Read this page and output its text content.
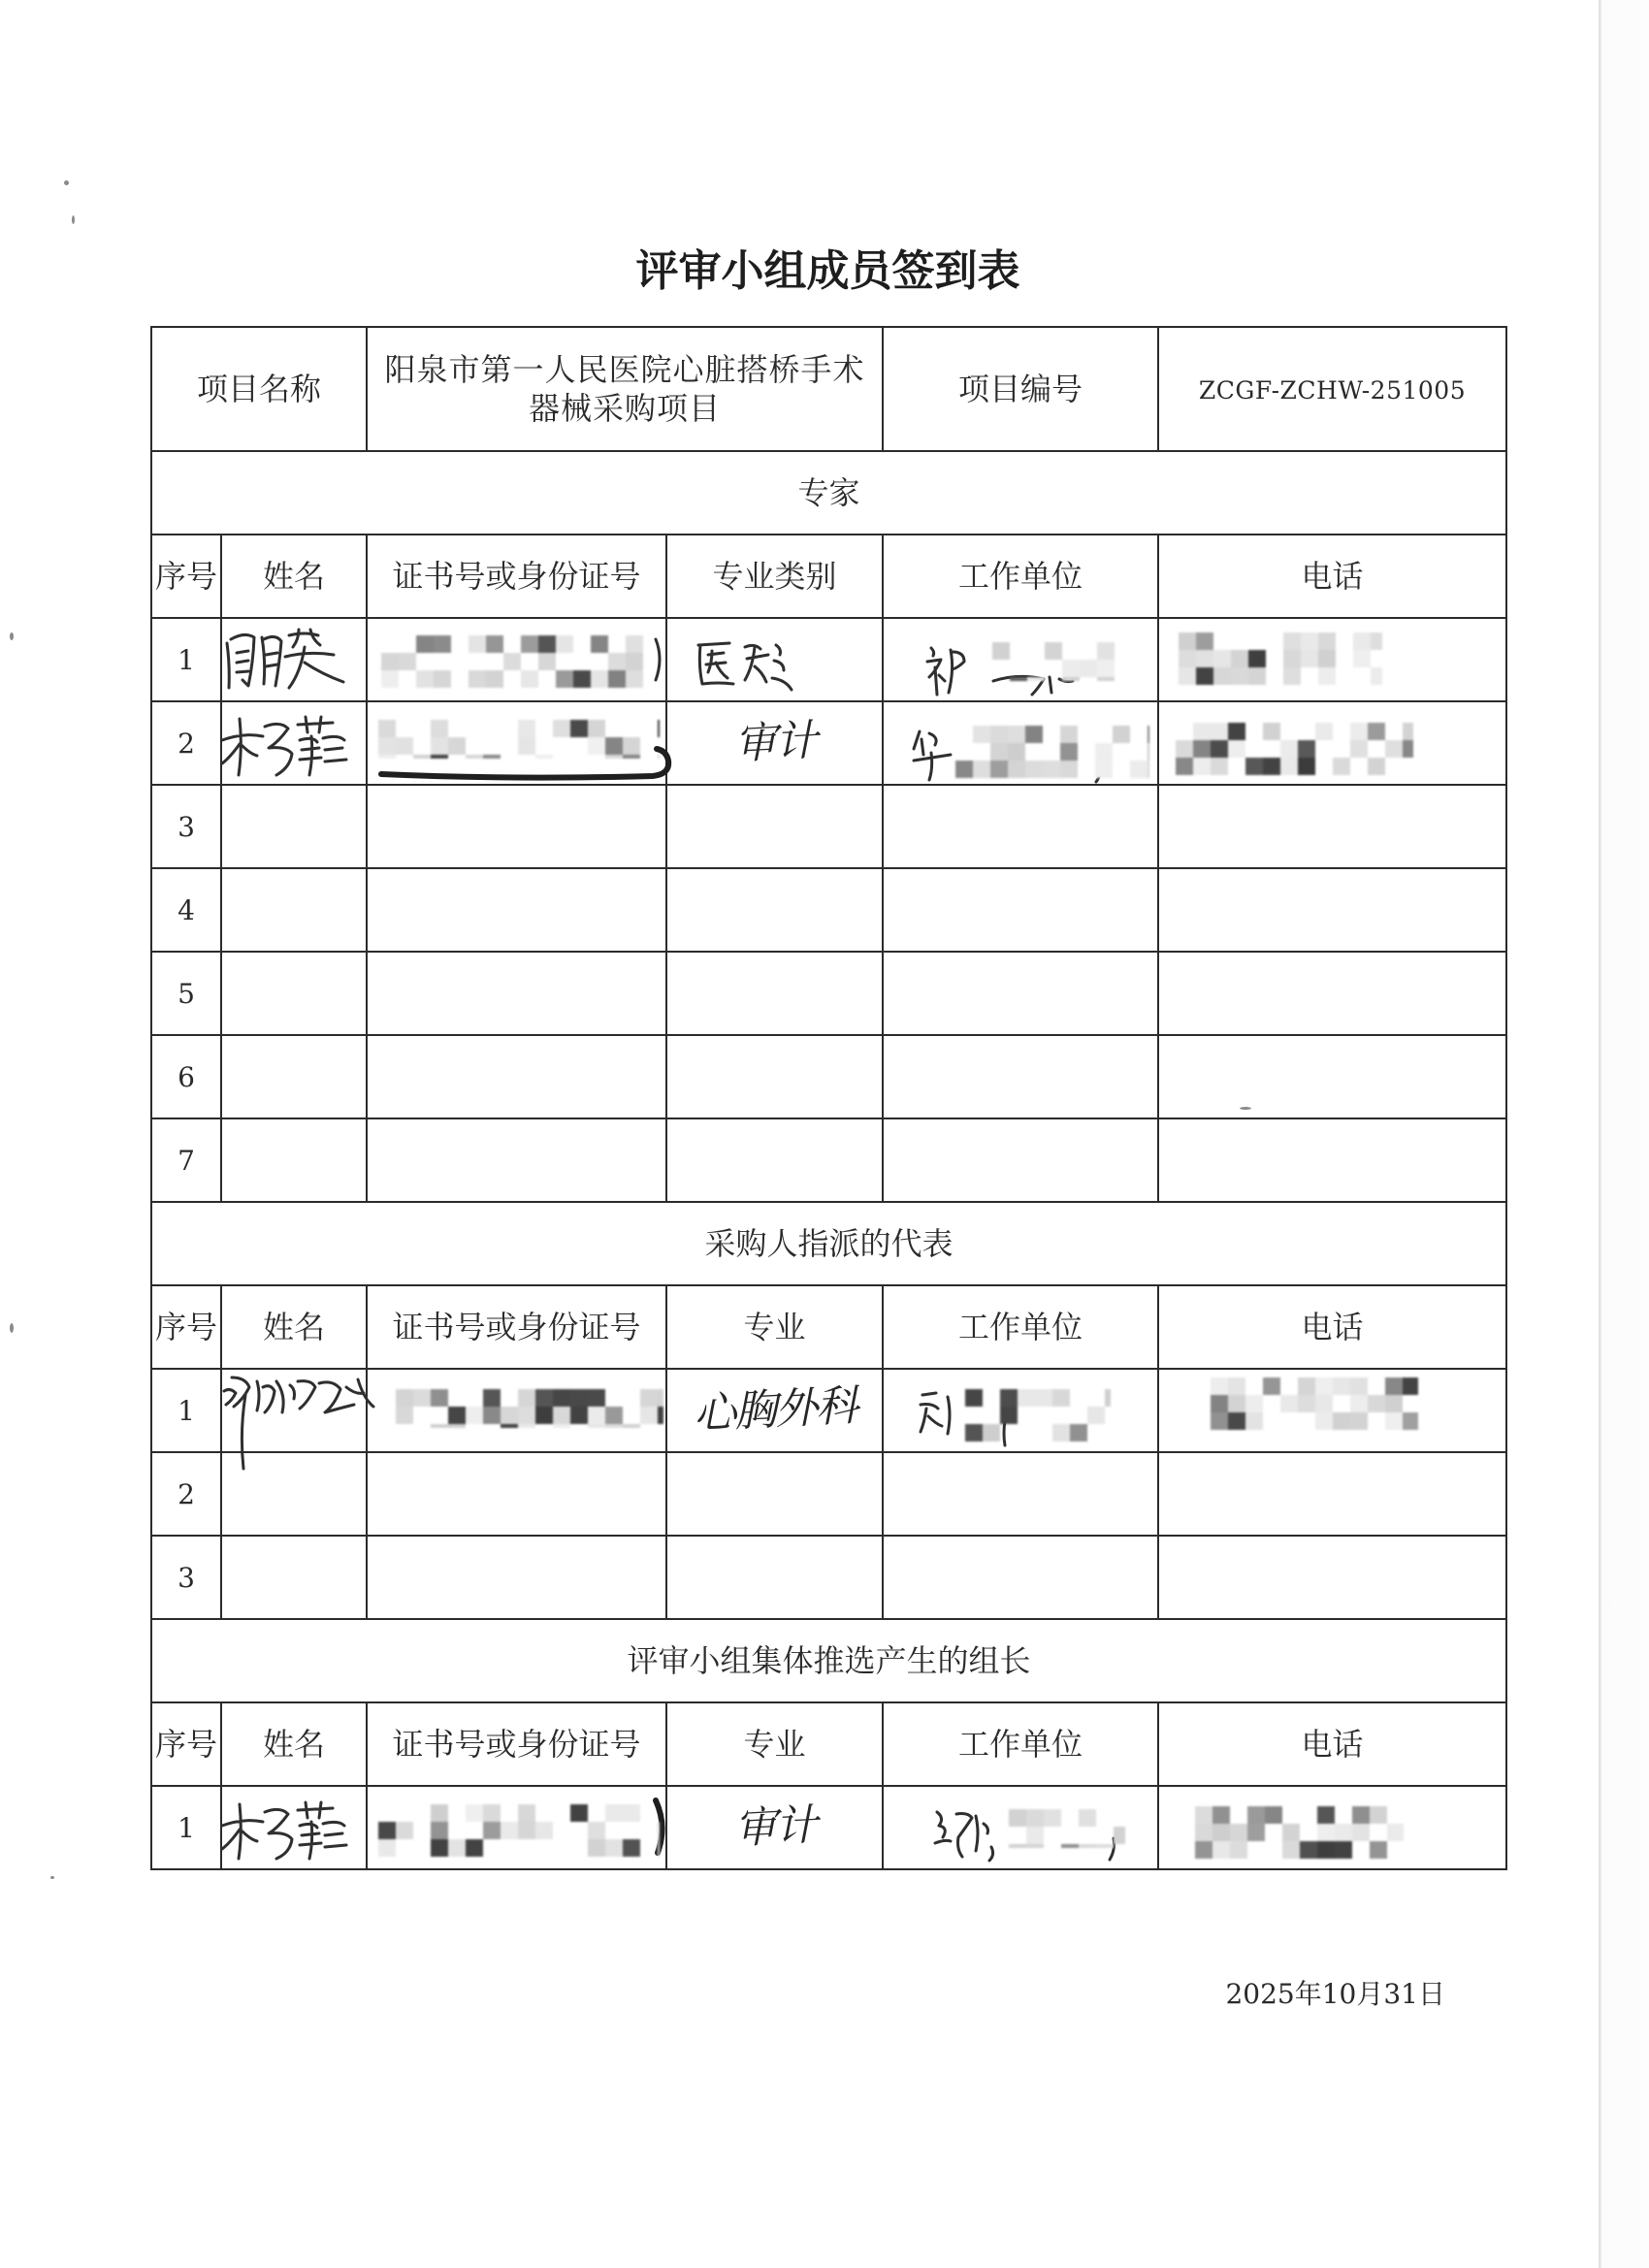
评审小组成员签到表
项目名称		阳泉市第一人民医院心脏搭桥手术器械采购项目		项目编号	ZCGF-ZCHW-251005
专家					
序号	姓名	证书号或身份证号	专业类别	工作单位	电话
1					
2			审计		
3					
4					
5					
6					
7					
采购人指派的代表					
序号	姓名	证书号或身份证号	专业	工作单位	电话
1			心胸外科		
2					
3					
评审小组集体推选产生的组长					
序号	姓名	证书号或身份证号	专业	工作单位	电话
1			审计		
2025年10月31日
